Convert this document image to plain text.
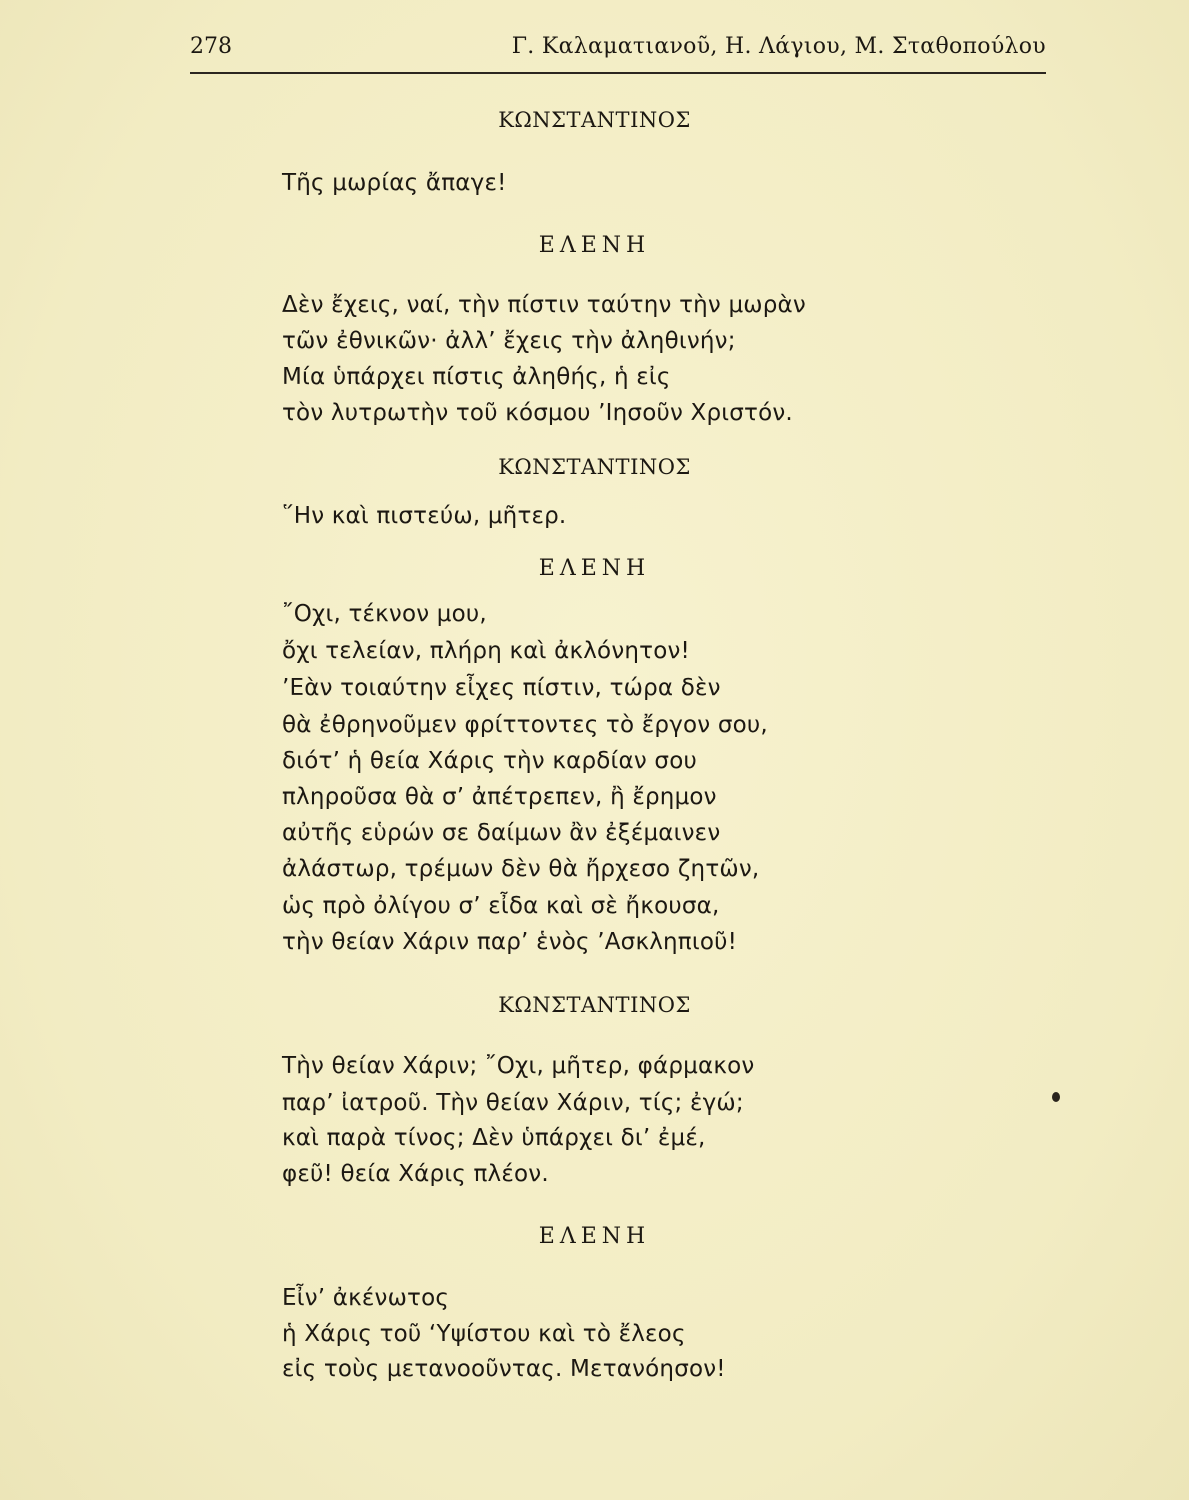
278	Γ. Καλαματιανοῦ, Η. Λάγιου, Μ. Σταθοπούλου
ΚΩΝΣΤΑΝΤΙΝΟΣ
Τῆς μωρίας ἄπαγε!
ΕΛΕΝΗ
Δὲν ἔχεις, ναί, τὴν πίστιν ταύτην τὴν μωρὰν
τῶν ἐθνικῶν· ἀλλ’ ἔχεις τὴν ἀληθινήν;
Μία ὑπάρχει πίστις ἀληθής, ἡ εἰς
τὸν λυτρωτὴν τοῦ κόσμου ’Ιησοῦν Χριστόν.
ΚΩΝΣΤΑΝΤΙΝΟΣ
῞Ην καὶ πιστεύω, μῆτερ.
ΕΛΕΝΗ
῎Οχι, τέκνον μου,
ὄχι τελείαν, πλήρη καὶ ἀκλόνητον!
’Εὰν τοιαύτην εἶχες πίστιν, τώρα δὲν
θὰ ἐθρηνοῦμεν φρίττοντες τὸ ἔργον σου,
διότ’ ἡ θεία Χάρις τὴν καρδίαν σου
πληροῦσα θὰ σ’ ἀπέτρεπεν, ἢ ἔρημον
αὐτῆς εὑρών σε δαίμων ἂν ἐξέμαινεν
ἀλάστωρ, τρέμων δὲν θὰ ἤρχεσο ζητῶν,
ὡς πρὸ ὀλίγου σ’ εἶδα καὶ σὲ ἤκουσα,
τὴν θείαν Χάριν παρ’ ἑνὸς ’Ασκληπιοῦ!
ΚΩΝΣΤΑΝΤΙΝΟΣ
Τὴν θείαν Χάριν; ῎Οχι, μῆτερ, φάρμακον
παρ’ ἰατροῦ. Τὴν θείαν Χάριν, τίς; ἐγώ;
καὶ παρὰ τίνος; Δὲν ὑπάρχει δι’ ἐμέ,
φεῦ! θεία Χάρις πλέον.
ΕΛΕΝΗ
Εἶν’ ἀκένωτος
ἡ Χάρις τοῦ ‘Υψίστου καὶ τὸ ἔλεος
εἰς τοὺς μετανοοῦντας. Μετανόησον!
